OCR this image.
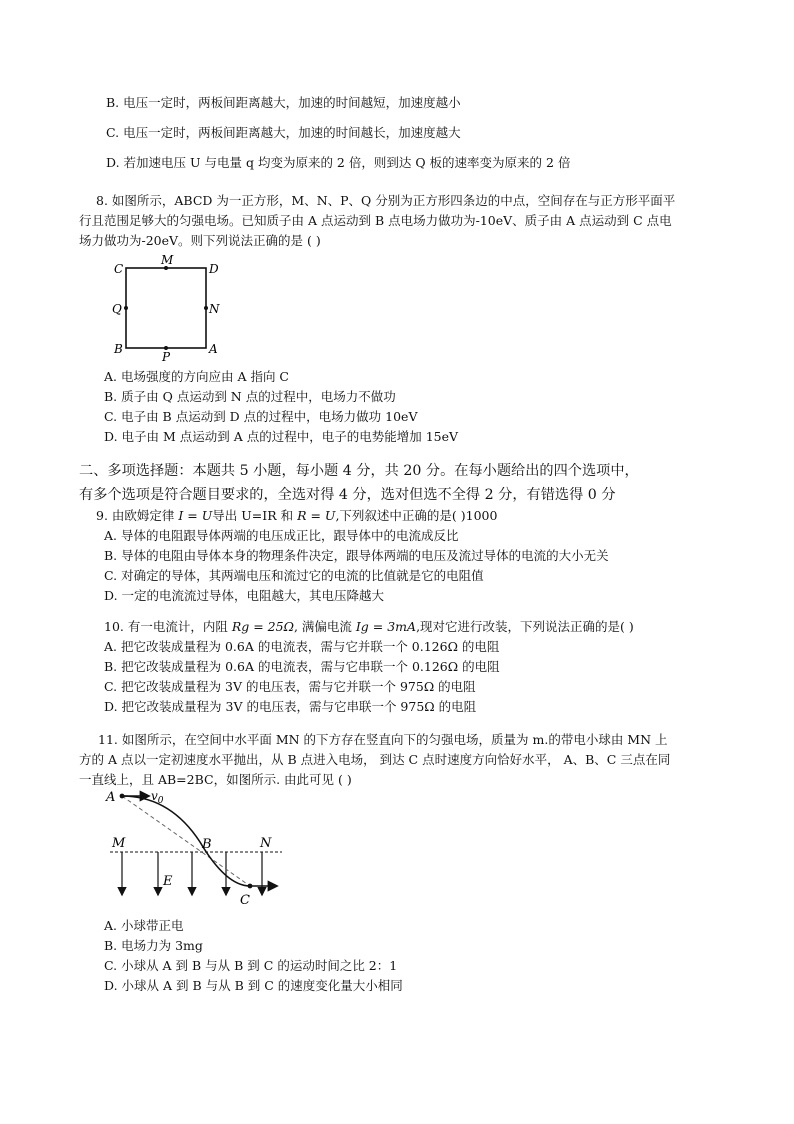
B. 电压一定时，两板间距离越大，加速的时间越短，加速度越小
C. 电压一定时，两板间距离越大，加速的时间越长，加速度越大
D. 若加速电压 U 与电量 q 均变为原来的 2 倍，则到达 Q 板的速率变为原来的 2 倍
8. 如图所示，ABCD 为一正方形，M、N、P、Q 分别为正方形四条边的中点，空间存在与正方形平面平
行且范围足够大的匀强电场。已知质子由 A 点运动到 B 点电场力做功为-10eV、质子由 A 点运动到 C 点电
场力做功为-20eV。则下列说法正确的是 ( )
C
M
D
Q	N
B
P
A
A. 电场强度的方向应由 A 指向 C
B. 质子由 Q 点运动到 N 点的过程中，电场力不做功
C. 电子由 B 点运动到 D 点的过程中，电场力做功 10eV
D. 电子由 M 点运动到 A 点的过程中，电子的电势能增加 15eV
二、多项选择题：本题共 5 小题，每小题 4 分，共 20 分。在每小题给出的四个选项中，
有多个选项是符合题目要求的，全选对得 4 分，选对但选不全得 2 分，有错选得 0 分
9. 由欧姆定律 I = U导出 U=IR 和 R = U,下列叙述中正确的是( )1000
A. 导体的电阻跟导体两端的电压成正比，跟导体中的电流成反比
B. 导体的电阻由导体本身的物理条件决定，跟导体两端的电压及流过导体的电流的大小无关
C. 对确定的导体，其两端电压和流过它的电流的比值就是它的电阻值
D. 一定的电流流过导体，电阻越大，其电压降越大
10. 有一电流计，内阻 Rg = 25Ω, 满偏电流 Ig = 3mA,现对它进行改装，下列说法正确的是( )
A. 把它改装成量程为 0.6A 的电流表，需与它并联一个 0.126Ω 的电阻
B. 把它改装成量程为 0.6A 的电流表，需与它串联一个 0.126Ω 的电阻
C. 把它改装成量程为 3V 的电压表，需与它并联一个 975Ω 的电阻
D. 把它改装成量程为 3V 的电压表，需与它串联一个 975Ω 的电阻
11. 如图所示，在空间中水平面 MN 的下方存在竖直向下的匀强电场，质量为 m.的带电小球由 MN 上
方的 A 点以一定初速度水平抛出，从 B 点进入电场， 到达 C 点时速度方向恰好水平， A、B、C 三点在同
一直线上，且 AB=2BC，如图所示. 由此可见 ( )
A	$v_0$
M	B	N
E
C
A. 小球带正电
B. 电场力为 3mg
C. 小球从 A 到 B 与从 B 到 C 的运动时间之比 2：1
D. 小球从 A 到 B 与从 B 到 C 的速度变化量大小相同
